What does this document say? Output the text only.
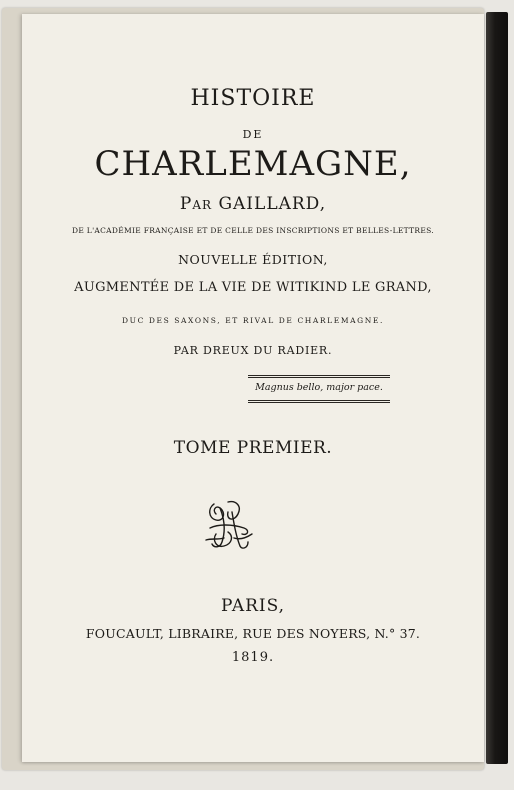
HISTOIRE
DE
CHARLEMAGNE,
PAR GAILLARD,
DE L'ACADÉMIE FRANÇAISE ET DE CELLE DES INSCRIPTIONS ET BELLES-LETTRES.
NOUVELLE ÉDITION,
AUGMENTÉE DE LA VIE DE WITIKIND LE GRAND,
DUC DES SAXONS, ET RIVAL DE CHARLEMAGNE.
PAR DREUX DU RADIER.
Magnus bello, major pace.
TOME PREMIER.
PARIS,
FOUCAULT, LIBRAIRE, RUE DES NOYERS, N.° 37.
1819.
